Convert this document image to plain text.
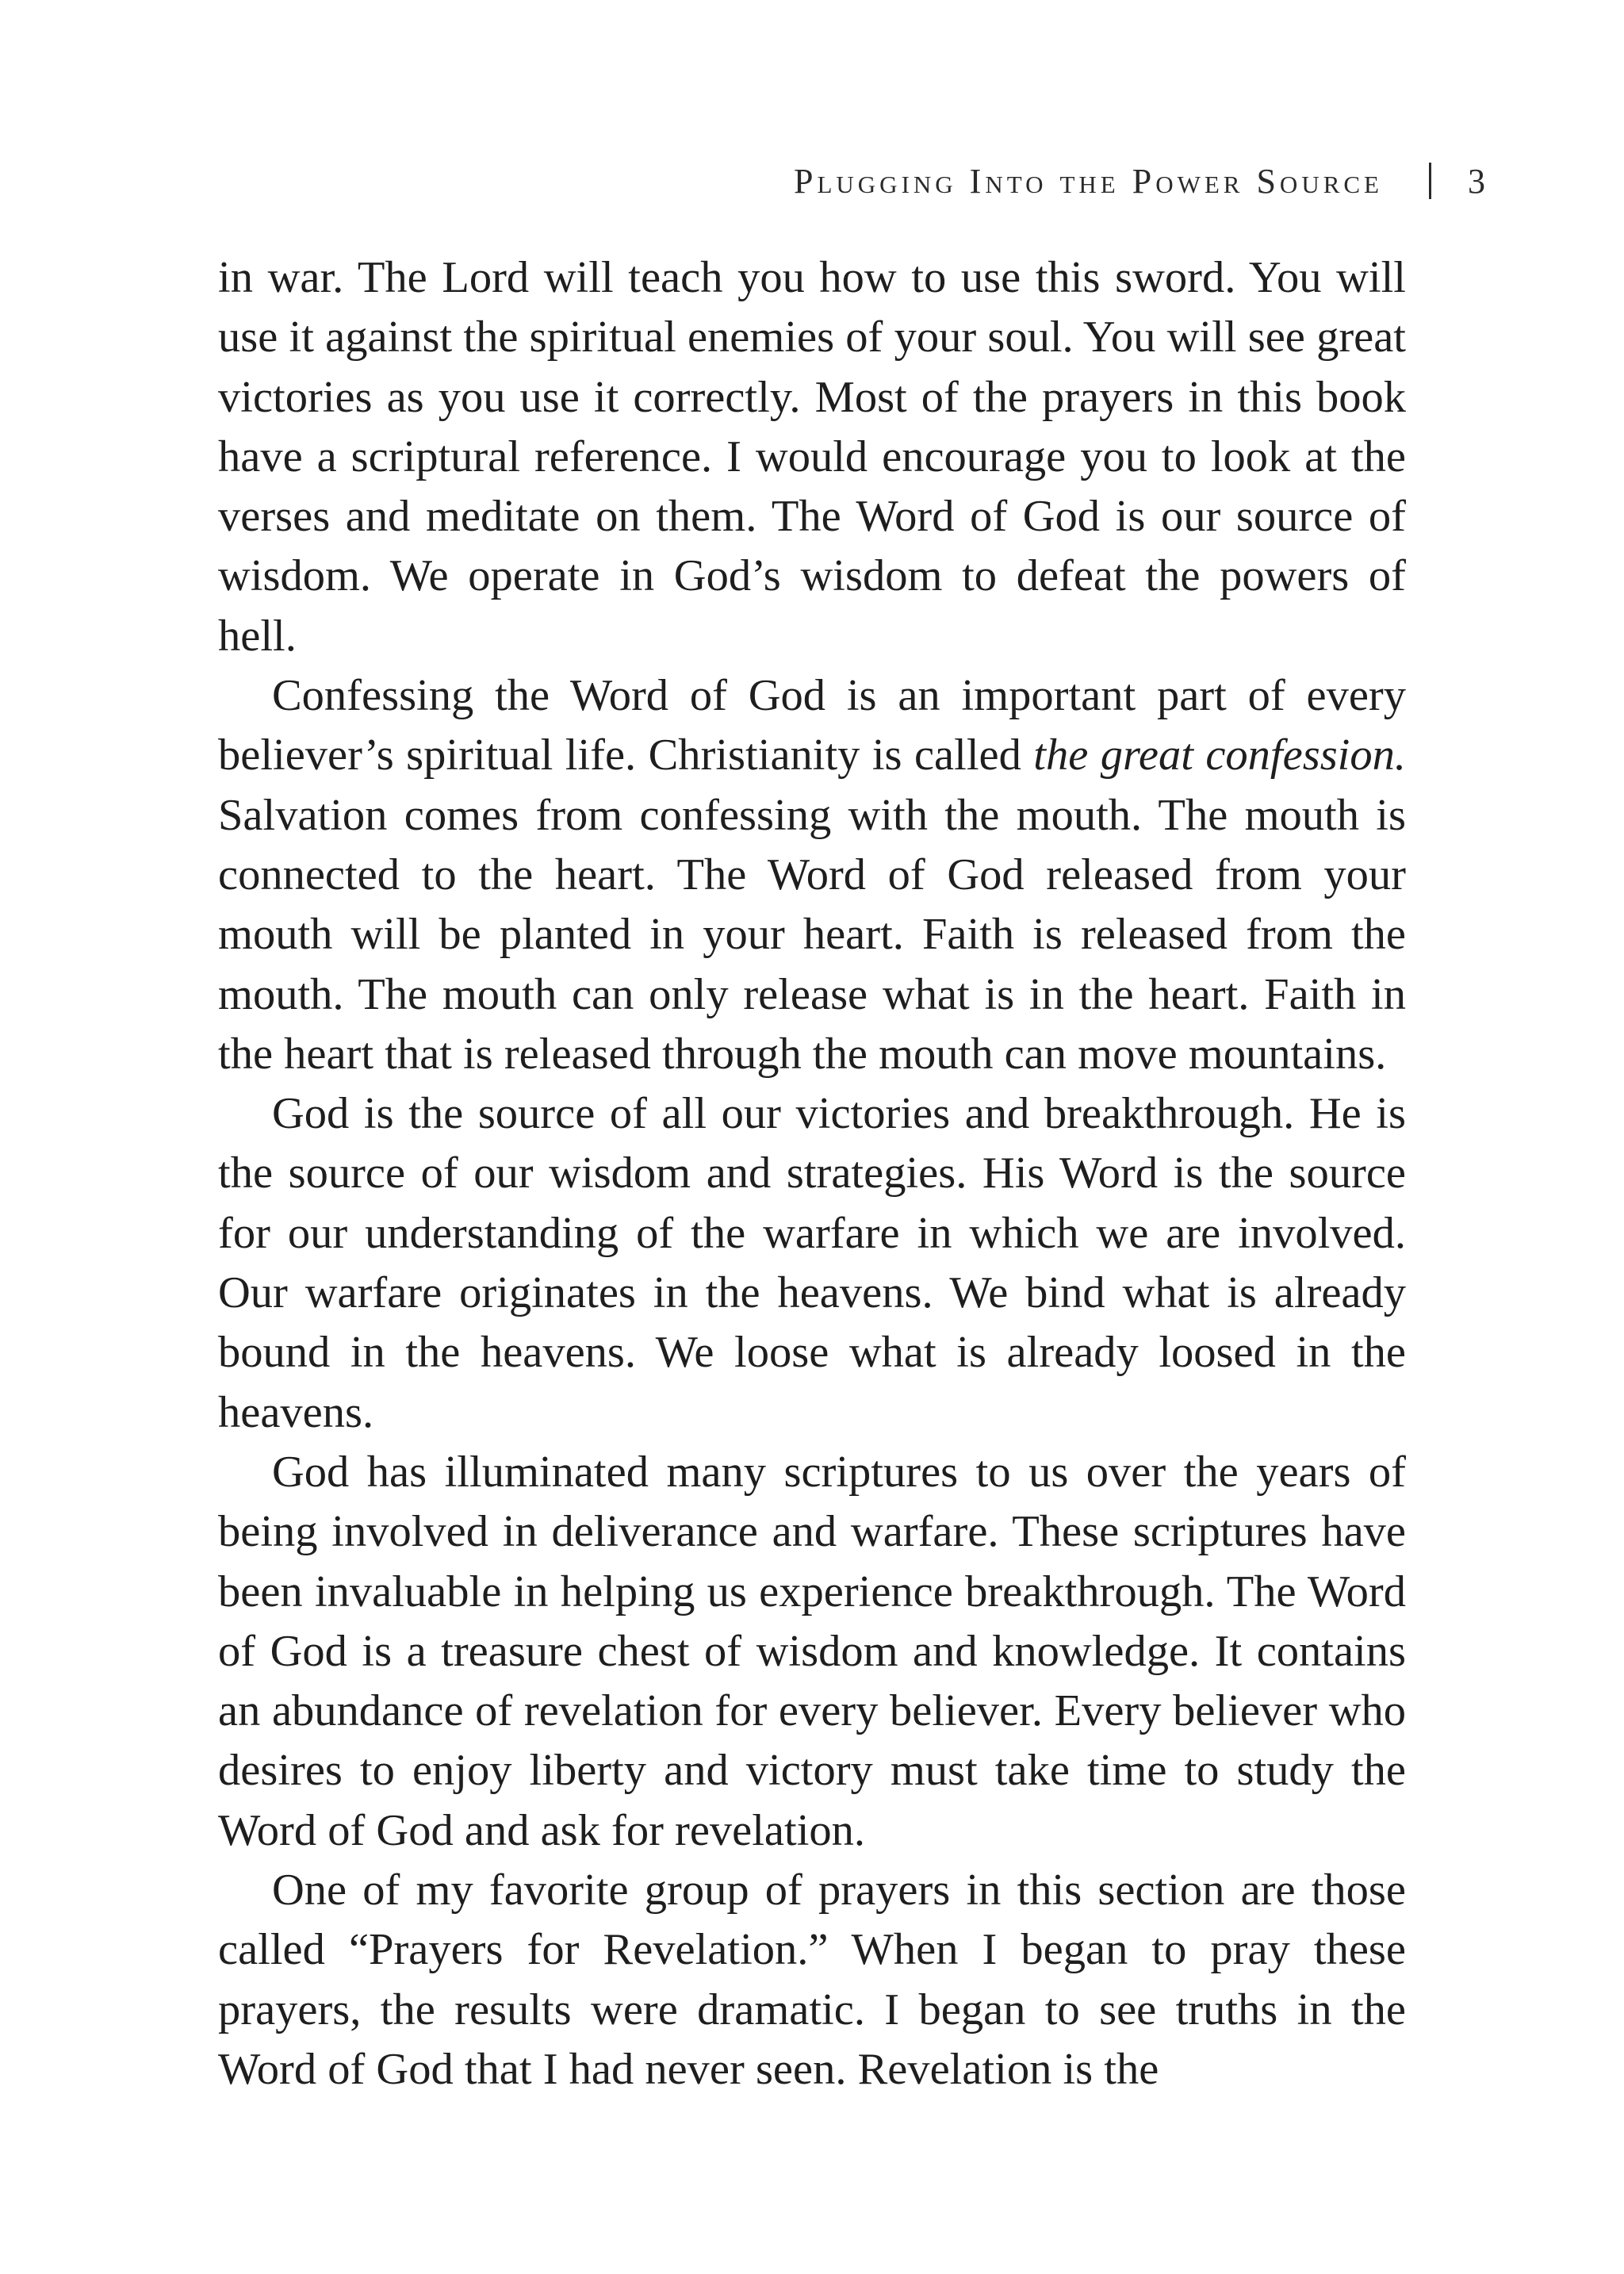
Plugging Into the Power Source 3

in war. The Lord will teach you how to use this sword. You will use it against the spiritual enemies of your soul. You will see great victories as you use it correctly. Most of the prayers in this book have a scriptural reference. I would encourage you to look at the verses and meditate on them. The Word of God is our source of wisdom. We operate in God’s wisdom to defeat the powers of hell.

Confessing the Word of God is an important part of every believer’s spiritual life. Christianity is called the great confession. Salvation comes from confessing with the mouth. The mouth is connected to the heart. The Word of God released from your mouth will be planted in your heart. Faith is released from the mouth. The mouth can only release what is in the heart. Faith in the heart that is released through the mouth can move mountains.

God is the source of all our victories and breakthrough. He is the source of our wisdom and strategies. His Word is the source for our understanding of the warfare in which we are involved. Our warfare originates in the heavens. We bind what is already bound in the heavens. We loose what is already loosed in the heavens.

God has illuminated many scriptures to us over the years of being involved in deliverance and warfare. These scriptures have been invaluable in helping us experience breakthrough. The Word of God is a treasure chest of wisdom and knowledge. It contains an abundance of revelation for every believer. Every believer who desires to enjoy liberty and victory must take time to study the Word of God and ask for revelation.

One of my favorite group of prayers in this section are those called “Prayers for Revelation.” When I began to pray these prayers, the results were dramatic. I began to see truths in the Word of God that I had never seen. Revelation is the
